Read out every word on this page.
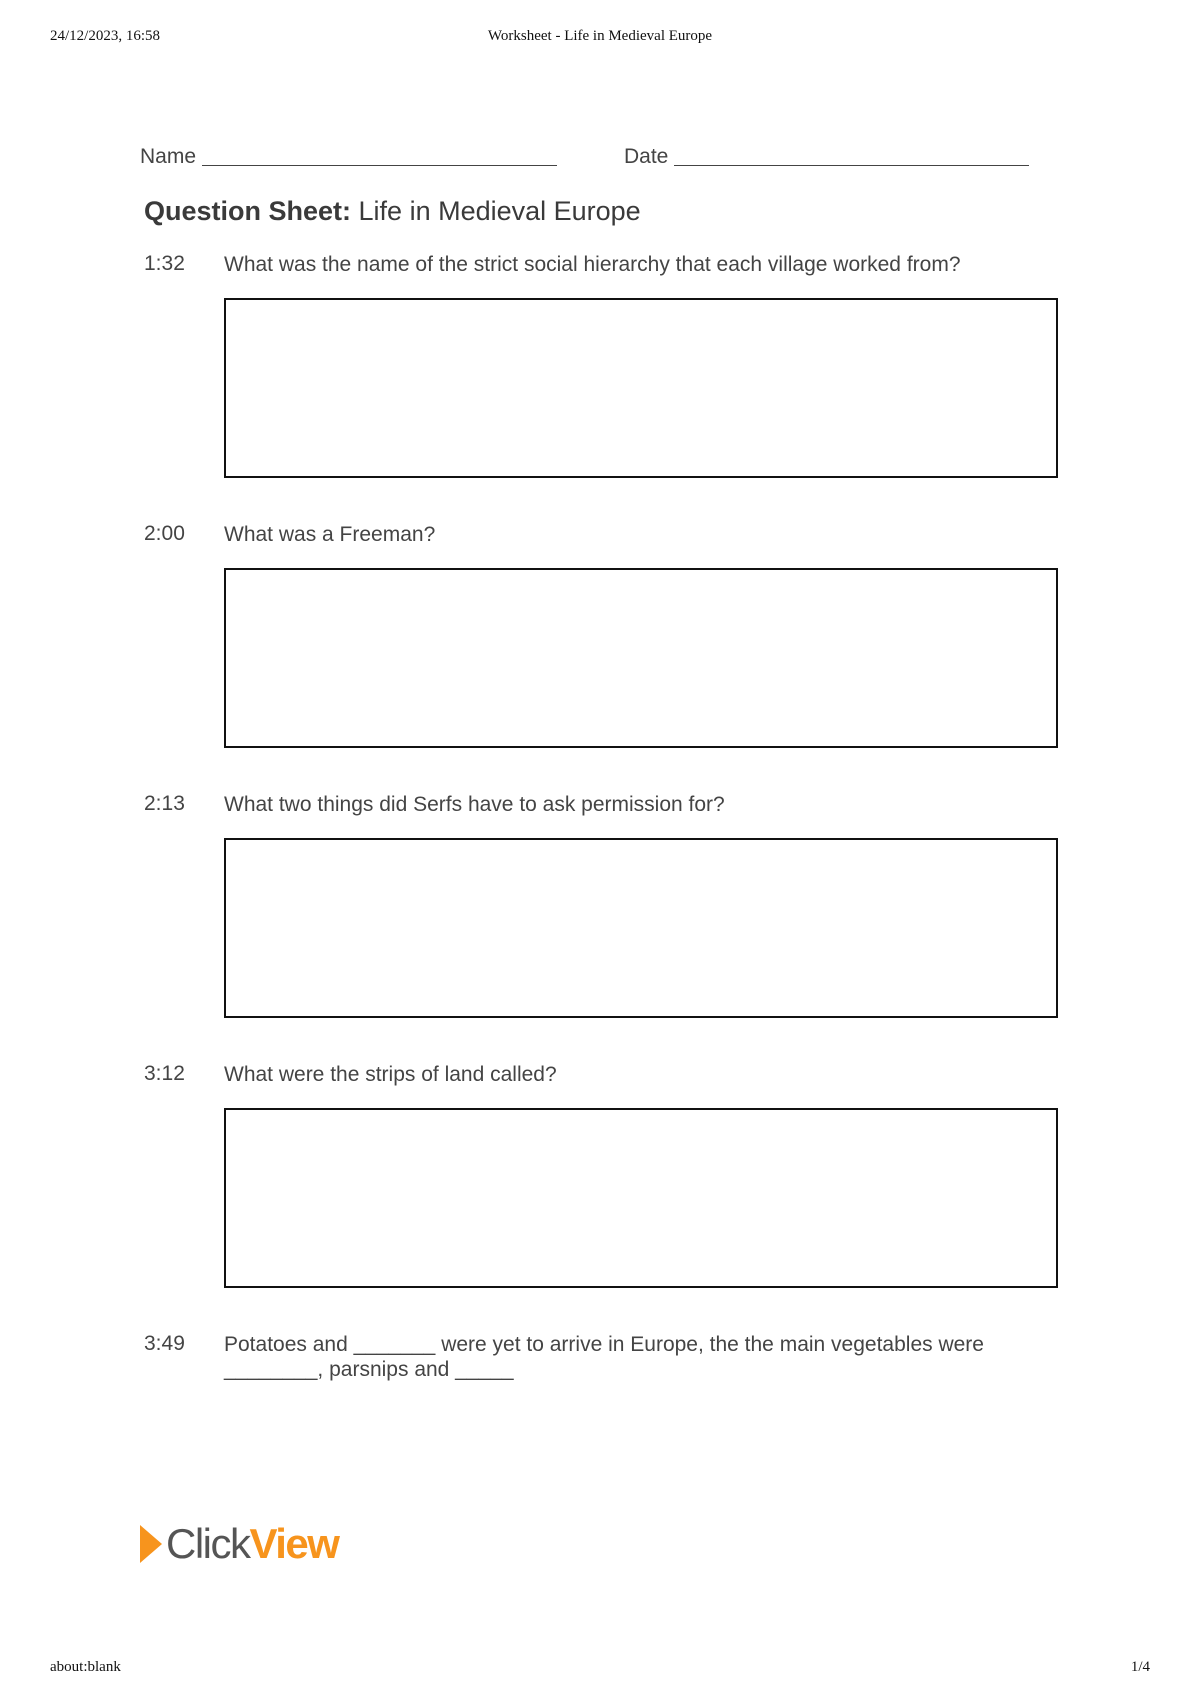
24/12/2023, 16:58	Worksheet - Life in Medieval Europe
about:blank	1/4
Name	Date
Question Sheet: Life in Medieval Europe
1:32 What was the name of the strict social hierarchy that each village worked from?
2:00 What was a Freeman?
2:13 What two things did Serfs have to ask permission for?
3:12 What were the strips of land called?
3:49 Potatoes and _______ were yet to arrive in Europe, the the main vegetables were
________, parsnips and _____
Click View
